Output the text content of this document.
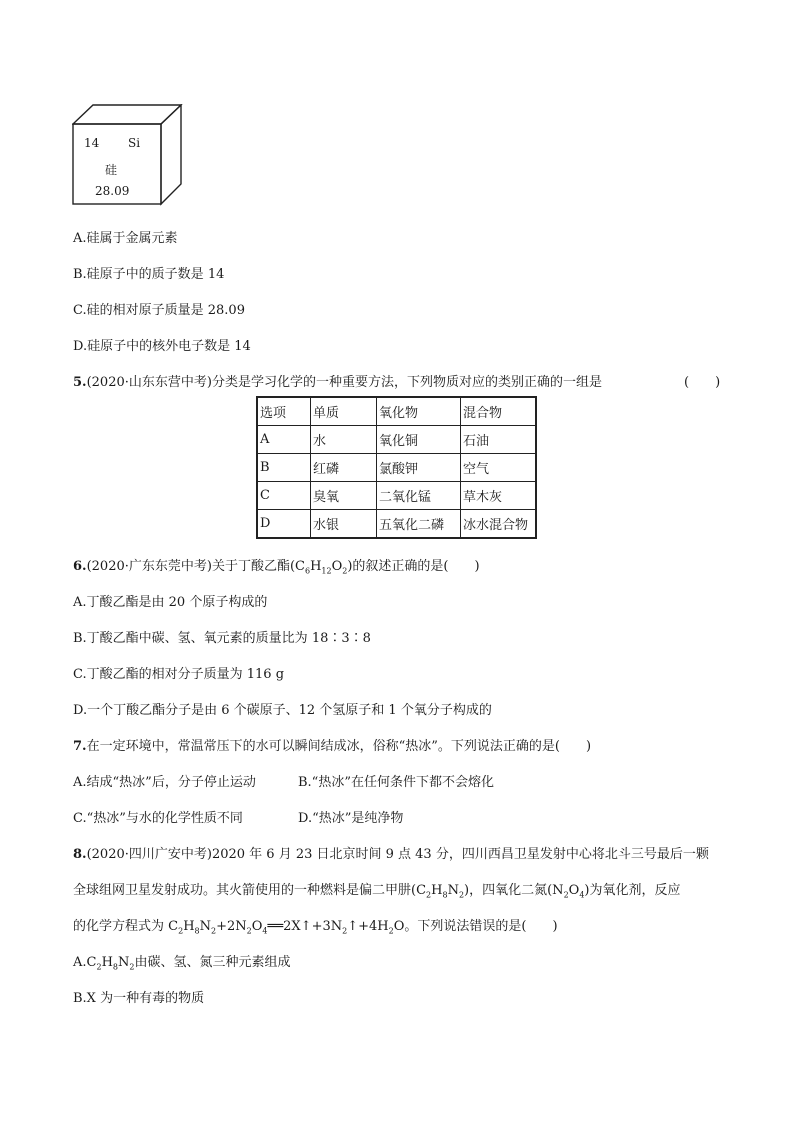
14 Si
硅
28.09
A.硅属于金属元素
B.硅原子中的质子数是 14
C.硅的相对原子质量是 28.09
D.硅原子中的核外电子数是 14
5.(2020·山东东营中考)分类是学习化学的一种重要方法，下列物质对应的类别正确的一组是	(　　)
选项	单质	氧化物	混合物
A	水	氧化铜	石油
B	红磷	氯酸钾	空气
C	臭氧	二氧化锰	草木灰
D	水银	五氧化二磷	冰水混合物
6.(2020·广东东莞中考)关于丁酸乙酯$(C_6H_{12}O_2)$的叙述正确的是(　　)
A.丁酸乙酯是由 20 个原子构成的
B.丁酸乙酯中碳、氢、氧元素的质量比为 18∶3∶8
C.丁酸乙酯的相对分子质量为 116 g
D.一个丁酸乙酯分子是由 6 个碳原子、12 个氢原子和 1 个氧分子构成的
7.在一定环境中，常温常压下的水可以瞬间结成冰，俗称“热冰”。下列说法正确的是(　　)
A.结成“热冰”后，分子停止运动	B.“热冰”在任何条件下都不会熔化
C.“热冰”与水的化学性质不同	D.“热冰”是纯净物
8.(2020·四川广安中考)2020 年 6 月 23 日北京时间 9 点 43 分，四川西昌卫星发射中心将北斗三号最后一颗
全球组网卫星发射成功。其火箭使用的一种燃料是偏二甲肼$(C_2H_8N_2)$，四氧化二氮$(N_2O_4)$为氧化剂，反应
的化学方程式为 $C_2H_8N_2+2N_2O_4══2X↑+3N_2↑+4H_2O$。下列说法错误的是(　　)
$A.C_2H_8N_2$由碳、氢、氮三种元素组成
B.X 为一种有毒的物质
